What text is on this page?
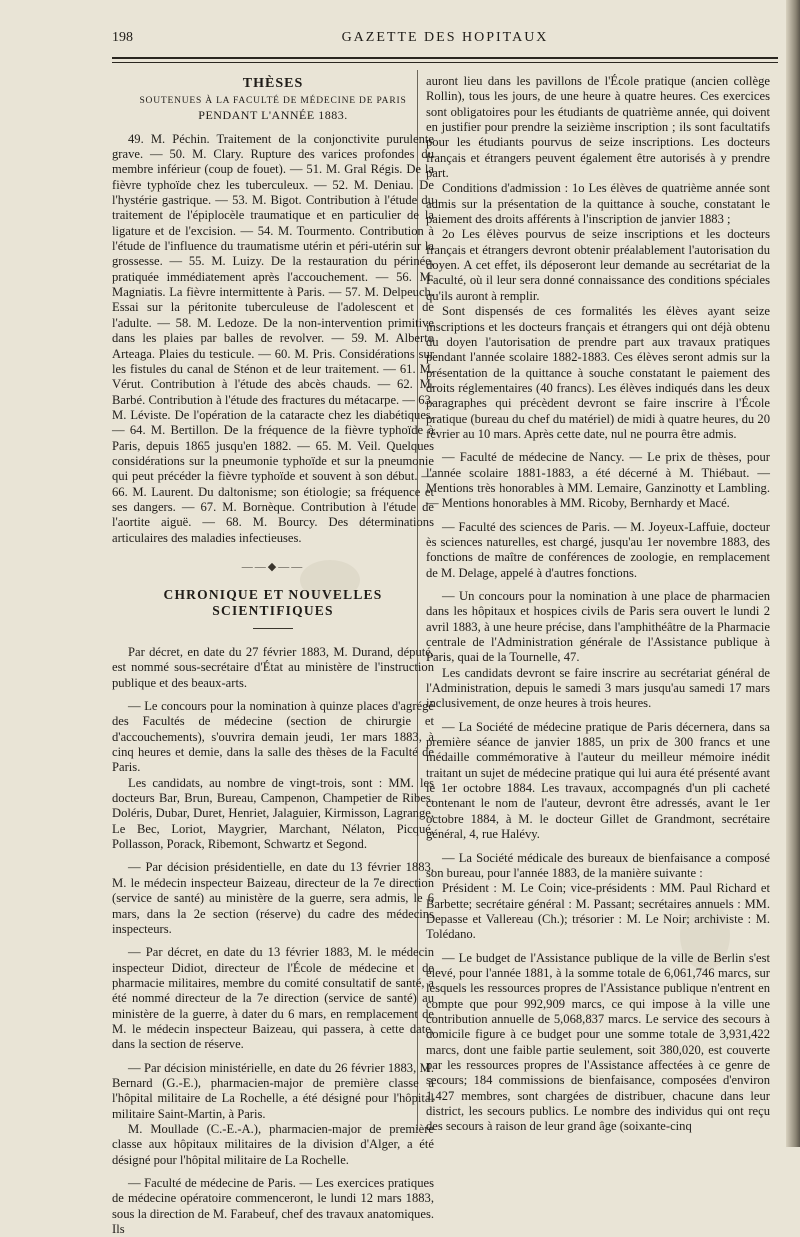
198	GAZETTE DES HOPITAUX
THÈSES
SOUTENUES À LA FACULTÉ DE MÉDECINE DE PARIS
PENDANT L'ANNÉE 1883.

49. M. Péchin. Traitement de la conjonctivite purulente grave. — 50. M. Clary. Rupture des varices profondes du membre inférieur (coup de fouet). — 51. M. Gral Régis. De la fièvre typhoïde chez les tuberculeux. — 52. M. Deniau. De l'hystérie gastrique. — 53. M. Bigot. Contribution à l'étude du traitement de l'épiplocèle traumatique et en particulier de la ligature et de l'excision. — 54. M. Tourmento. Contribution à l'étude de l'influence du traumatisme utérin et péri-utérin sur la grossesse. — 55. M. Luizy. De la restauration du périnée, pratiquée immédiatement après l'accouchement. — 56. M. Magniatis. La fièvre intermittente à Paris. — 57. M. Delpeuch. Essai sur la péritonite tuberculeuse de l'adolescent et de l'adulte. — 58. M. Ledoze. De la non-intervention primitive dans les plaies par balles de revolver. — 59. M. Alberto Arteaga. Plaies du testicule. — 60. M. Pris. Considérations sur les fistules du canal de Sténon et de leur traitement. — 61. M. Vérut. Contribution à l'étude des abcès chauds. — 62. M. Barbé. Contribution à l'étude des fractures du métacarpe. — 63. M. Léviste. De l'opération de la cataracte chez les diabétiques. — 64. M. Bertillon. De la fréquence de la fièvre typhoïde à Paris, depuis 1865 jusqu'en 1882. — 65. M. Veil. Quelques considérations sur la pneumonie typhoïde et sur la pneumonie qui peut précéder la fièvre typhoïde et souvent à son début. — 66. M. Laurent. Du daltonisme; son étiologie; sa fréquence et ses dangers. — 67. M. Bornèque. Contribution à l'étude de l'aortite aiguë. — 68. M. Bourcy. Des déterminations articulaires des maladies infectieuses.

——◆——
CHRONIQUE ET NOUVELLES SCIENTIFIQUES

Par décret, en date du 27 février 1883, M. Durand, député, est nommé sous-secrétaire d'État au ministère de l'instruction publique et des beaux-arts.

— Le concours pour la nomination à quinze places d'agrégé des Facultés de médecine (section de chirurgie et d'accouchements), s'ouvrira demain jeudi, 1er mars 1883, à cinq heures et demie, dans la salle des thèses de la Faculté de Paris.

Les candidats, au nombre de vingt-trois, sont : MM. les docteurs Bar, Brun, Bureau, Campenon, Champetier de Ribes, Doléris, Dubar, Duret, Henriet, Jalaguier, Kirmisson, Lagrange, Le Bec, Loriot, Maygrier, Marchant, Nélaton, Picqué, Pollasson, Porack, Ribemont, Schwartz et Segond.

— Par décision présidentielle, en date du 13 février 1883, M. le médecin inspecteur Baizeau, directeur de la 7e direction (service de santé) au ministère de la guerre, sera admis, le 6 mars, dans la 2e section (réserve) du cadre des médecins inspecteurs.

— Par décret, en date du 13 février 1883, M. le médecin inspecteur Didiot, directeur de l'École de médecine et de pharmacie militaires, membre du comité consultatif de santé, a été nommé directeur de la 7e direction (service de santé) au ministère de la guerre, à dater du 6 mars, en remplacement de M. le médecin inspecteur Baizeau, qui passera, à cette date, dans la section de réserve.

— Par décision ministérielle, en date du 26 février 1883, M. Bernard (G.-E.), pharmacien-major de première classe à l'hôpital militaire de La Rochelle, a été désigné pour l'hôpital militaire Saint-Martin, à Paris.

M. Moullade (C.-E.-A.), pharmacien-major de première classe aux hôpitaux militaires de la division d'Alger, a été désigné pour l'hôpital militaire de La Rochelle.

— Faculté de médecine de Paris. — Les exercices pratiques de médecine opératoire commenceront, le lundi 12 mars 1883, sous la direction de M. Farabeuf, chef des travaux anatomiques. Ils

auront lieu dans les pavillons de l'École pratique (ancien collège Rollin), tous les jours, de une heure à quatre heures. Ces exercices sont obligatoires pour les étudiants de quatrième année, qui doivent en justifier pour prendre la seizième inscription ; ils sont facultatifs pour les étudiants pourvus de seize inscriptions. Les docteurs français et étrangers peuvent également être autorisés à y prendre part.

Conditions d'admission : 1o Les élèves de quatrième année sont admis sur la présentation de la quittance à souche, constatant le paiement des droits afférents à l'inscription de janvier 1883 ;

2o Les élèves pourvus de seize inscriptions et les docteurs français et étrangers devront obtenir préalablement l'autorisation du doyen. A cet effet, ils déposeront leur demande au secrétariat de la Faculté, où il leur sera donné connaissance des conditions spéciales qu'ils auront à remplir.

Sont dispensés de ces formalités les élèves ayant seize inscriptions et les docteurs français et étrangers qui ont déjà obtenu du doyen l'autorisation de prendre part aux travaux pratiques pendant l'année scolaire 1882-1883. Ces élèves seront admis sur la présentation de la quittance à souche constatant le paiement des droits réglementaires (40 francs). Les élèves indiqués dans les deux paragraphes qui précèdent devront se faire inscrire à l'École pratique (bureau du chef du matériel) de midi à quatre heures, du 20 février au 10 mars. Après cette date, nul ne pourra être admis.

— Faculté de médecine de Nancy. — Le prix de thèses, pour l'année scolaire 1881-1883, a été décerné à M. Thiébaut. — Mentions très honorables à MM. Lemaire, Ganzinotty et Lambling. — Mentions honorables à MM. Ricoby, Bernhardy et Macé.

— Faculté des sciences de Paris. — M. Joyeux-Laffuie, docteur ès sciences naturelles, est chargé, jusqu'au 1er novembre 1883, des fonctions de maître de conférences de zoologie, en remplacement de M. Delage, appelé à d'autres fonctions.

— Un concours pour la nomination à une place de pharmacien dans les hôpitaux et hospices civils de Paris sera ouvert le lundi 2 avril 1883, à une heure précise, dans l'amphithéâtre de la Pharmacie centrale de l'Administration générale de l'Assistance publique à Paris, quai de la Tournelle, 47.

Les candidats devront se faire inscrire au secrétariat général de l'Administration, depuis le samedi 3 mars jusqu'au samedi 17 mars inclusivement, de onze heures à trois heures.

— La Société de médecine pratique de Paris décernera, dans sa première séance de janvier 1885, un prix de 300 francs et une médaille commémorative à l'auteur du meilleur mémoire inédit traitant un sujet de médecine pratique qui lui aura été présenté avant le 1er octobre 1884. Les travaux, accompagnés d'un pli cacheté contenant le nom de l'auteur, devront être adressés, avant le 1er octobre 1884, à M. le docteur Gillet de Grandmont, secrétaire général, 4, rue Halévy.

— La Société médicale des bureaux de bienfaisance a composé son bureau, pour l'année 1883, de la manière suivante :

Président : M. Le Coin; vice-présidents : MM. Paul Richard et Barbette; secrétaire général : M. Passant; secrétaires annuels : MM. Depasse et Vallereau (Ch.); trésorier : M. Le Noir; archiviste : M. Tolédano.

— Le budget de l'Assistance publique de la ville de Berlin s'est élevé, pour l'année 1881, à la somme totale de 6,061,746 marcs, sur lesquels les ressources propres de l'Assistance publique n'entrent en compte que pour 992,909 marcs, ce qui impose à la ville une contribution annuelle de 5,068,837 marcs. Le service des secours à domicile figure à ce budget pour une somme totale de 3,931,422 marcs, dont une faible partie seulement, soit 380,020, est couverte par les ressources propres de l'Assistance affectées à ce genre de secours; 184 commissions de bienfaisance, composées d'environ 1,427 membres, sont chargées de distribuer, chacune dans leur district, les secours publics. Le nombre des individus qui ont reçu des secours à raison de leur grand âge (soixante-cinq
